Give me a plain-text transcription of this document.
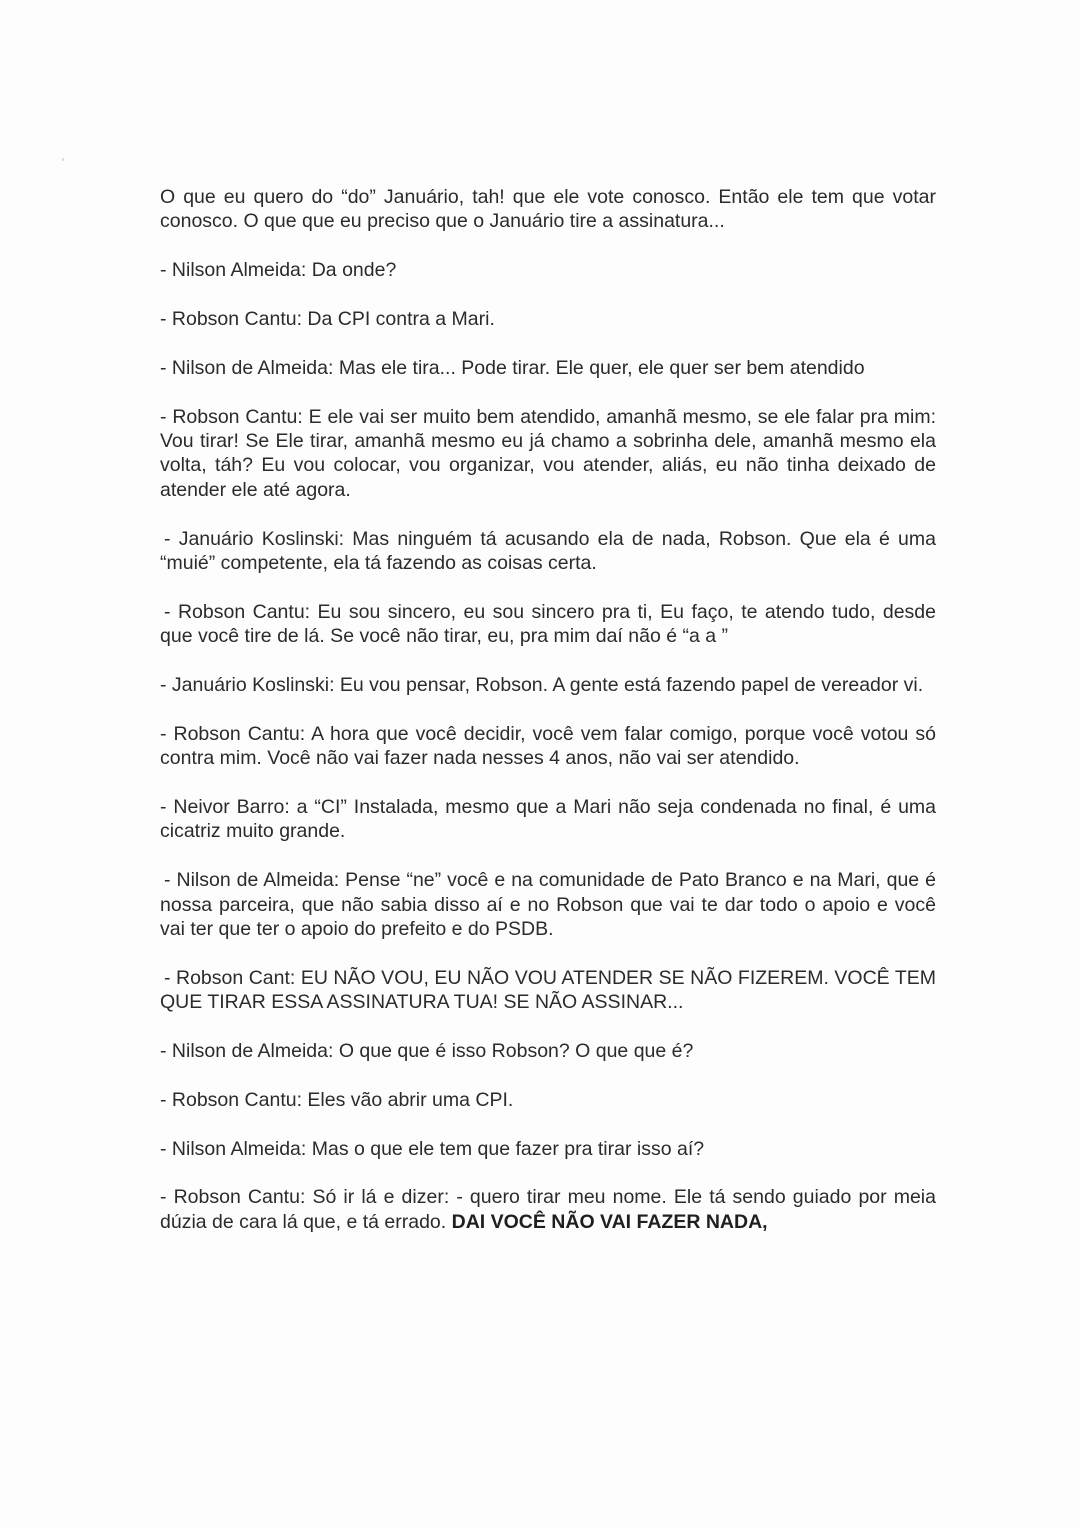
O que eu quero do “do” Januário, tah! que ele vote conosco. Então ele tem que votar conosco. O que que eu preciso que o Januário tire a assinatura...

- Nilson Almeida: Da onde?

- Robson Cantu: Da CPI contra a Mari.

- Nilson de Almeida: Mas ele tira... Pode tirar. Ele quer, ele quer ser bem atendido

- Robson Cantu: E ele vai ser muito bem atendido, amanhã mesmo, se ele falar pra mim: Vou tirar! Se Ele tirar, amanhã mesmo eu já chamo a sobrinha dele, amanhã mesmo ela volta, táh? Eu vou colocar, vou organizar, vou atender, aliás, eu não tinha deixado de atender ele até agora.

- Januário Koslinski: Mas ninguém tá acusando ela de nada, Robson. Que ela é uma “muié” competente, ela tá fazendo as coisas certa.

- Robson Cantu: Eu sou sincero, eu sou sincero pra ti, Eu faço, te atendo tudo, desde que você tire de lá. Se você não tirar, eu, pra mim daí não é “a a ”

- Januário Koslinski: Eu vou pensar, Robson. A gente está fazendo papel de vereador vi.

- Robson Cantu: A hora que você decidir, você vem falar comigo, porque você votou só contra mim. Você não vai fazer nada nesses 4 anos, não vai ser atendido.

- Neivor Barro: a “CI” Instalada, mesmo que a Mari não seja condenada no final, é uma cicatriz muito grande.

- Nilson de Almeida: Pense “ne” você e na comunidade de Pato Branco e na Mari, que é nossa parceira, que não sabia disso aí e no Robson que vai te dar todo o apoio e você vai ter que ter o apoio do prefeito e do PSDB.

- Robson Cant: EU NÃO VOU, EU NÃO VOU ATENDER SE NÃO FIZEREM. VOCÊ TEM QUE TIRAR ESSA ASSINATURA TUA! SE NÃO ASSINAR...

- Nilson de Almeida: O que que é isso Robson? O que que é?

- Robson Cantu: Eles vão abrir uma CPI.

- Nilson Almeida: Mas o que ele tem que fazer pra tirar isso aí?

- Robson Cantu: Só ir lá e dizer: - quero tirar meu nome. Ele tá sendo guiado por meia dúzia de cara lá que, e tá errado. DAI VOCÊ NÃO VAI FAZER NADA,
